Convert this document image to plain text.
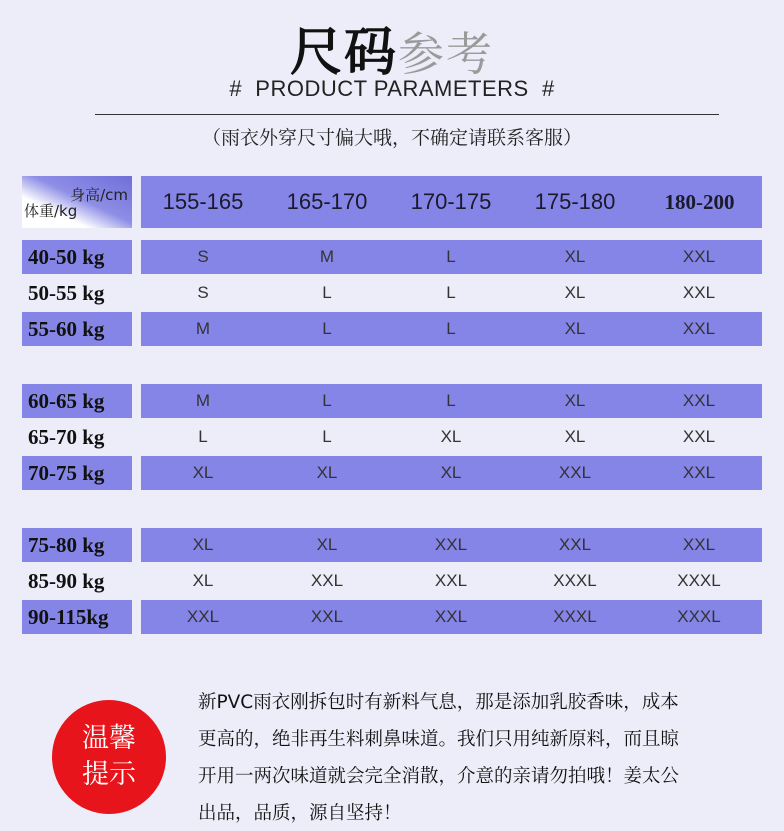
尺码参考
#  PRODUCT PARAMETERS  #
（雨衣外穿尺寸偏大哦，不确定请联系客服）
身高/cm
体重/kg	155-165	165-170	170-175	175-180	180-200
40-50 kg	S	M	L	XL	XXL
50-55 kg	S	L	L	XL	XXL
55-60 kg	M	L	L	XL	XXL
60-65 kg	M	L	L	XL	XXL
65-70 kg	L	L	XL	XL	XXL
70-75 kg	XL	XL	XL	XXL	XXL
75-80 kg	XL	XL	XXL	XXL	XXL
85-90 kg	XL	XXL	XXL	XXXL	XXXL
90-115kg	XXL	XXL	XXL	XXXL	XXXL
温馨
提示
新PVC雨衣刚拆包时有新料气息，那是添加乳胶香味，成本
更高的，绝非再生料刺鼻味道。我们只用纯新原料，而且晾
开用一两次味道就会完全消散，介意的亲请勿拍哦！姜太公
出品，品质，源自坚持！
